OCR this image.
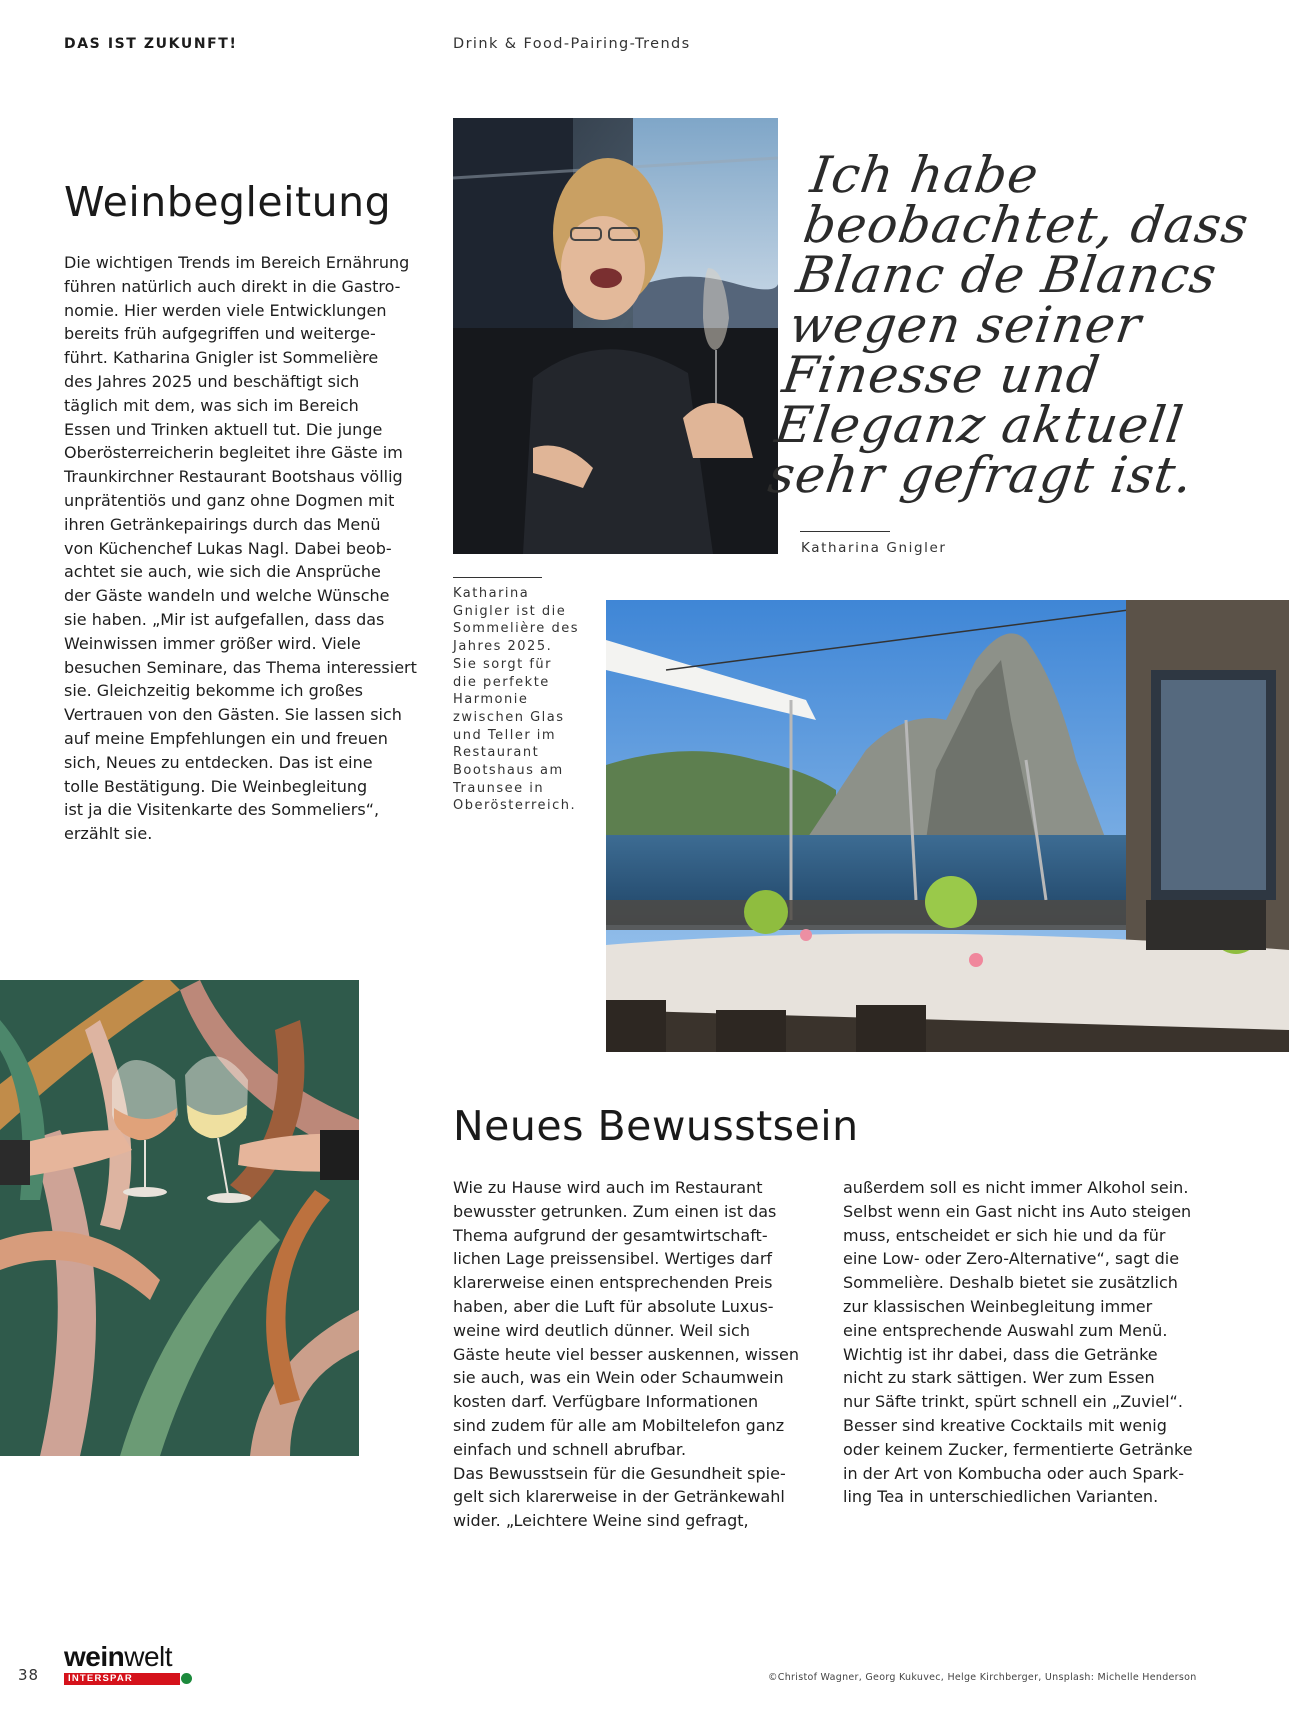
DAS IST ZUKUNFT!	Drink & Food-Pairing-Trends
Weinbegleitung

Die wichtigen Trends im Bereich Ernährung
führen natürlich auch direkt in die Gastro-
nomie. Hier werden viele Entwicklungen
bereits früh aufgegriffen und weiterge-
führt. Katharina Gnigler ist Sommelière
des Jahres 2025 und beschäftigt sich
täglich mit dem, was sich im Bereich
Essen und Trinken aktuell tut. Die junge
Oberösterreicherin begleitet ihre Gäste im
Traunkirchner Restaurant Bootshaus völlig
unprätentiös und ganz ohne Dogmen mit
ihren Getränkepairings durch das Menü
von Küchenchef Lukas Nagl. Dabei beob-
achtet sie auch, wie sich die Ansprüche
der Gäste wandeln und welche Wünsche
sie haben. „Mir ist aufgefallen, dass das
Weinwissen immer größer wird. Viele
besuchen Seminare, das Thema interessiert
sie. Gleichzeitig bekomme ich großes
Vertrauen von den Gästen. Sie lassen sich
auf meine Empfehlungen ein und freuen
sich, Neues zu entdecken. Das ist eine
tolle Bestätigung. Die Weinbegleitung
ist ja die Visitenkarte des Sommeliers“,
erzählt sie.

Ich habe
beobachtet, dass
Blanc de Blancs
wegen seiner
Finesse und
Eleganz aktuell
sehr gefragt ist.
Katharina Gnigler
Katharina
Gnigler ist die
Sommelière des
Jahres 2025.
Sie sorgt für
die perfekte
Harmonie
zwischen Glas
und Teller im
Restaurant
Bootshaus am
Traunsee in
Oberösterreich.
Neues Bewusstsein

Wie zu Hause wird auch im Restaurant
bewusster getrunken. Zum einen ist das
Thema aufgrund der gesamtwirtschaft-
lichen Lage preissensibel. Wertiges darf
klarerweise einen entsprechenden Preis
haben, aber die Luft für absolute Luxus-
weine wird deutlich dünner. Weil sich
Gäste heute viel besser auskennen, wissen
sie auch, was ein Wein oder Schaumwein
kosten darf. Verfügbare Informationen
sind zudem für alle am Mobiltelefon ganz
einfach und schnell abrufbar.
Das Bewusstsein für die Gesundheit spie-
gelt sich klarerweise in der Getränkewahl
wider. „Leichtere Weine sind gefragt,

außerdem soll es nicht immer Alkohol sein.
Selbst wenn ein Gast nicht ins Auto steigen
muss, entscheidet er sich hie und da für
eine Low- oder Zero-Alternative“, sagt die
Sommelière. Deshalb bietet sie zusätzlich
zur klassischen Weinbegleitung immer
eine entsprechende Auswahl zum Menü.
Wichtig ist ihr dabei, dass die Getränke
nicht zu stark sättigen. Wer zum Essen
nur Säfte trinkt, spürt schnell ein „Zuviel“.
Besser sind kreative Cocktails mit wenig
oder keinem Zucker, fermentierte Getränke
in der Art von Kombucha oder auch Spark-
ling Tea in unterschiedlichen Varianten.

38
weinwelt
INTERSPAR	©Christof Wagner, Georg Kukuvec, Helge Kirchberger, Unsplash: Michelle Henderson
